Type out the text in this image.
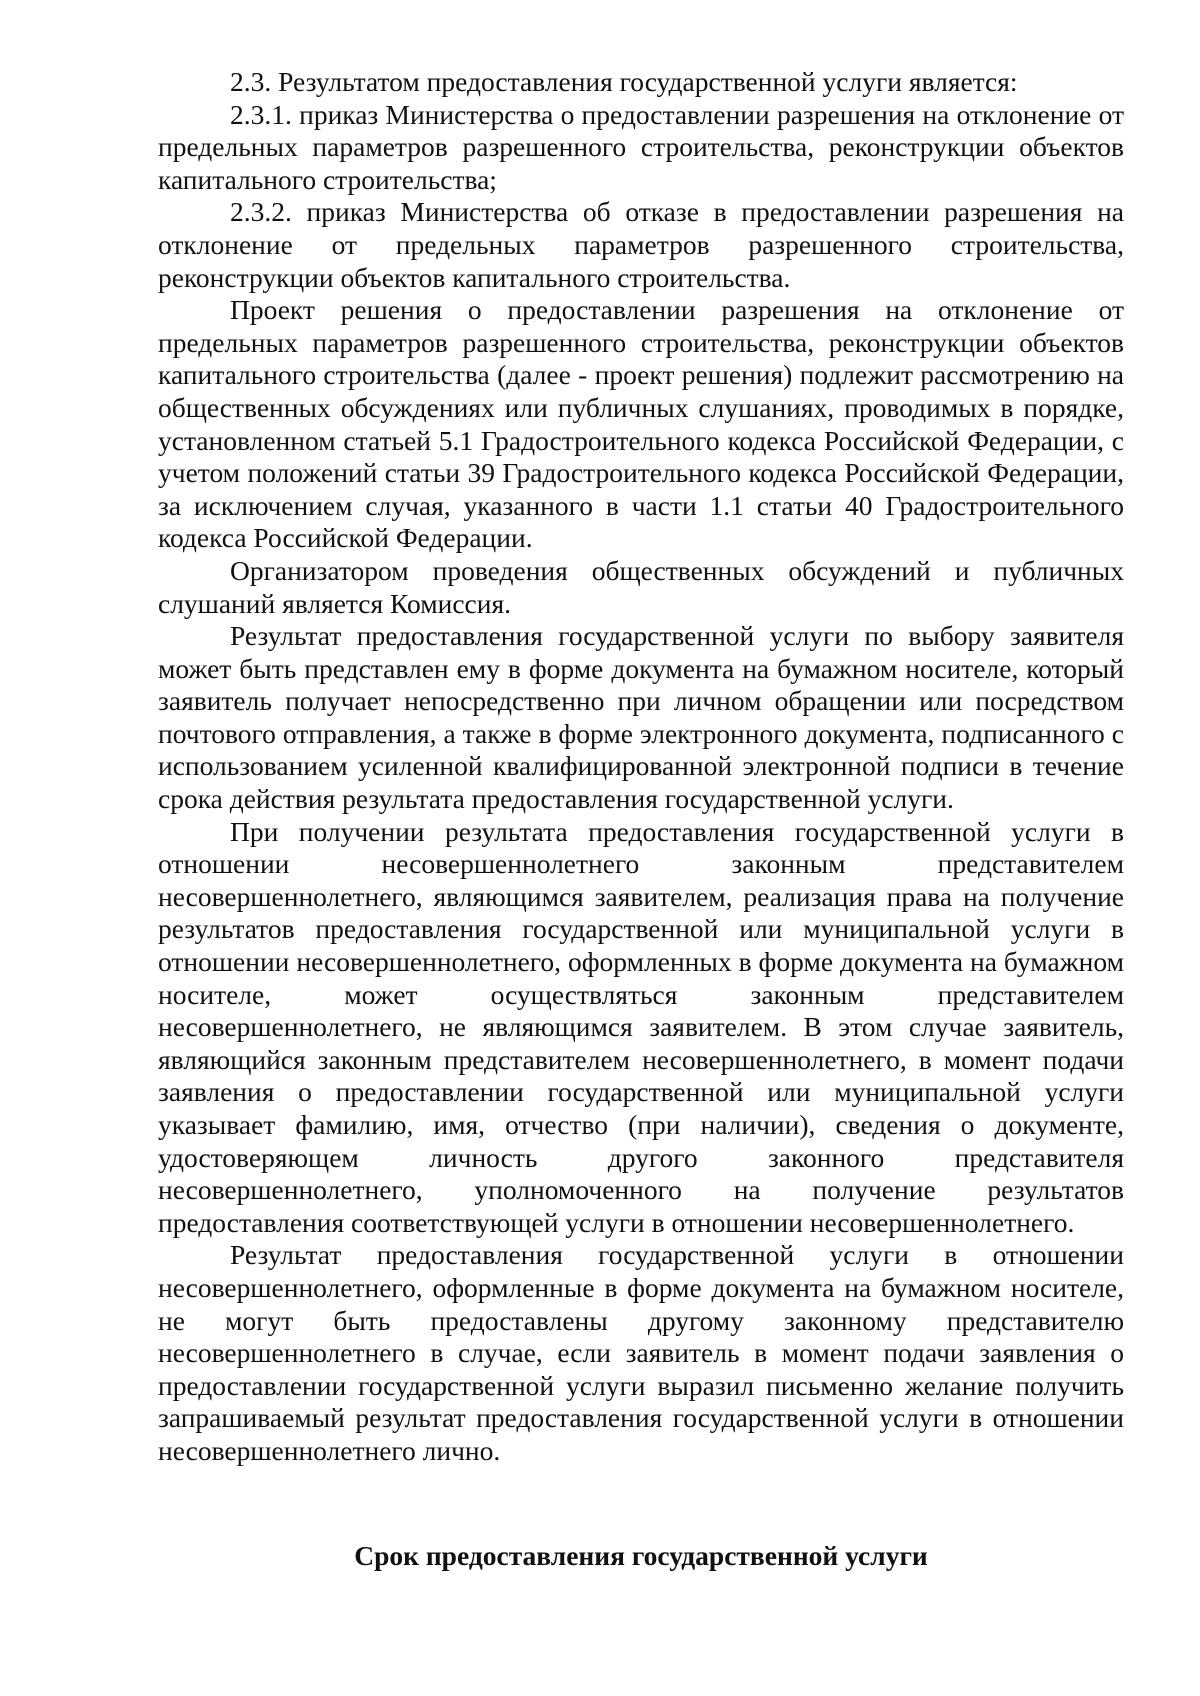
2.3. Результатом предоставления государственной услуги является:

2.3.1. приказ Министерства о предоставлении разрешения на отклонение от предельных параметров разрешенного строительства, реконструкции объектов капитального строительства;

2.3.2. приказ Министерства об отказе в предоставлении разрешения на отклонение от предельных параметров разрешенного строительства, реконструкции объектов капитального строительства.

Проект решения о предоставлении разрешения на отклонение от предельных параметров разрешенного строительства, реконструкции объектов капитального строительства (далее - проект решения) подлежит рассмотрению на общественных обсуждениях или публичных слушаниях, проводимых в порядке, установленном статьей 5.1 Градостроительного кодекса Российской Федерации, с учетом положений статьи 39 Градостроительного кодекса Российской Федерации, за исключением случая, указанного в части 1.1 статьи 40 Градостроительного кодекса Российской Федерации.

Организатором проведения общественных обсуждений и публичных слушаний является Комиссия.

Результат предоставления государственной услуги по выбору заявителя может быть представлен ему в форме документа на бумажном носителе, который заявитель получает непосредственно при личном обращении или посредством почтового отправления, а также в форме электронного документа, подписанного с использованием усиленной квалифицированной электронной подписи в течение срока действия результата предоставления государственной услуги.

При получении результата предоставления государственной услуги в отношении несовершеннолетнего законным представителем несовершеннолетнего, являющимся заявителем, реализация права на получение результатов предоставления государственной или муниципальной услуги в отношении несовершеннолетнего, оформленных в форме документа на бумажном носителе, может осуществляться законным представителем несовершеннолетнего, не являющимся заявителем. В этом случае заявитель, являющийся законным представителем несовершеннолетнего, в момент подачи заявления о предоставлении государственной или муниципальной услуги указывает фамилию, имя, отчество (при наличии), сведения о документе, удостоверяющем личность другого законного представителя несовершеннолетнего, уполномоченного на получение результатов предоставления соответствующей услуги в отношении несовершеннолетнего.

Результат предоставления государственной услуги в отношении несовершеннолетнего, оформленные в форме документа на бумажном носителе, не могут быть предоставлены другому законному представителю несовершеннолетнего в случае, если заявитель в момент подачи заявления о предоставлении государственной услуги выразил письменно желание получить запрашиваемый результат предоставления государственной услуги в отношении несовершеннолетнего лично.

Срок предоставления государственной услуги
